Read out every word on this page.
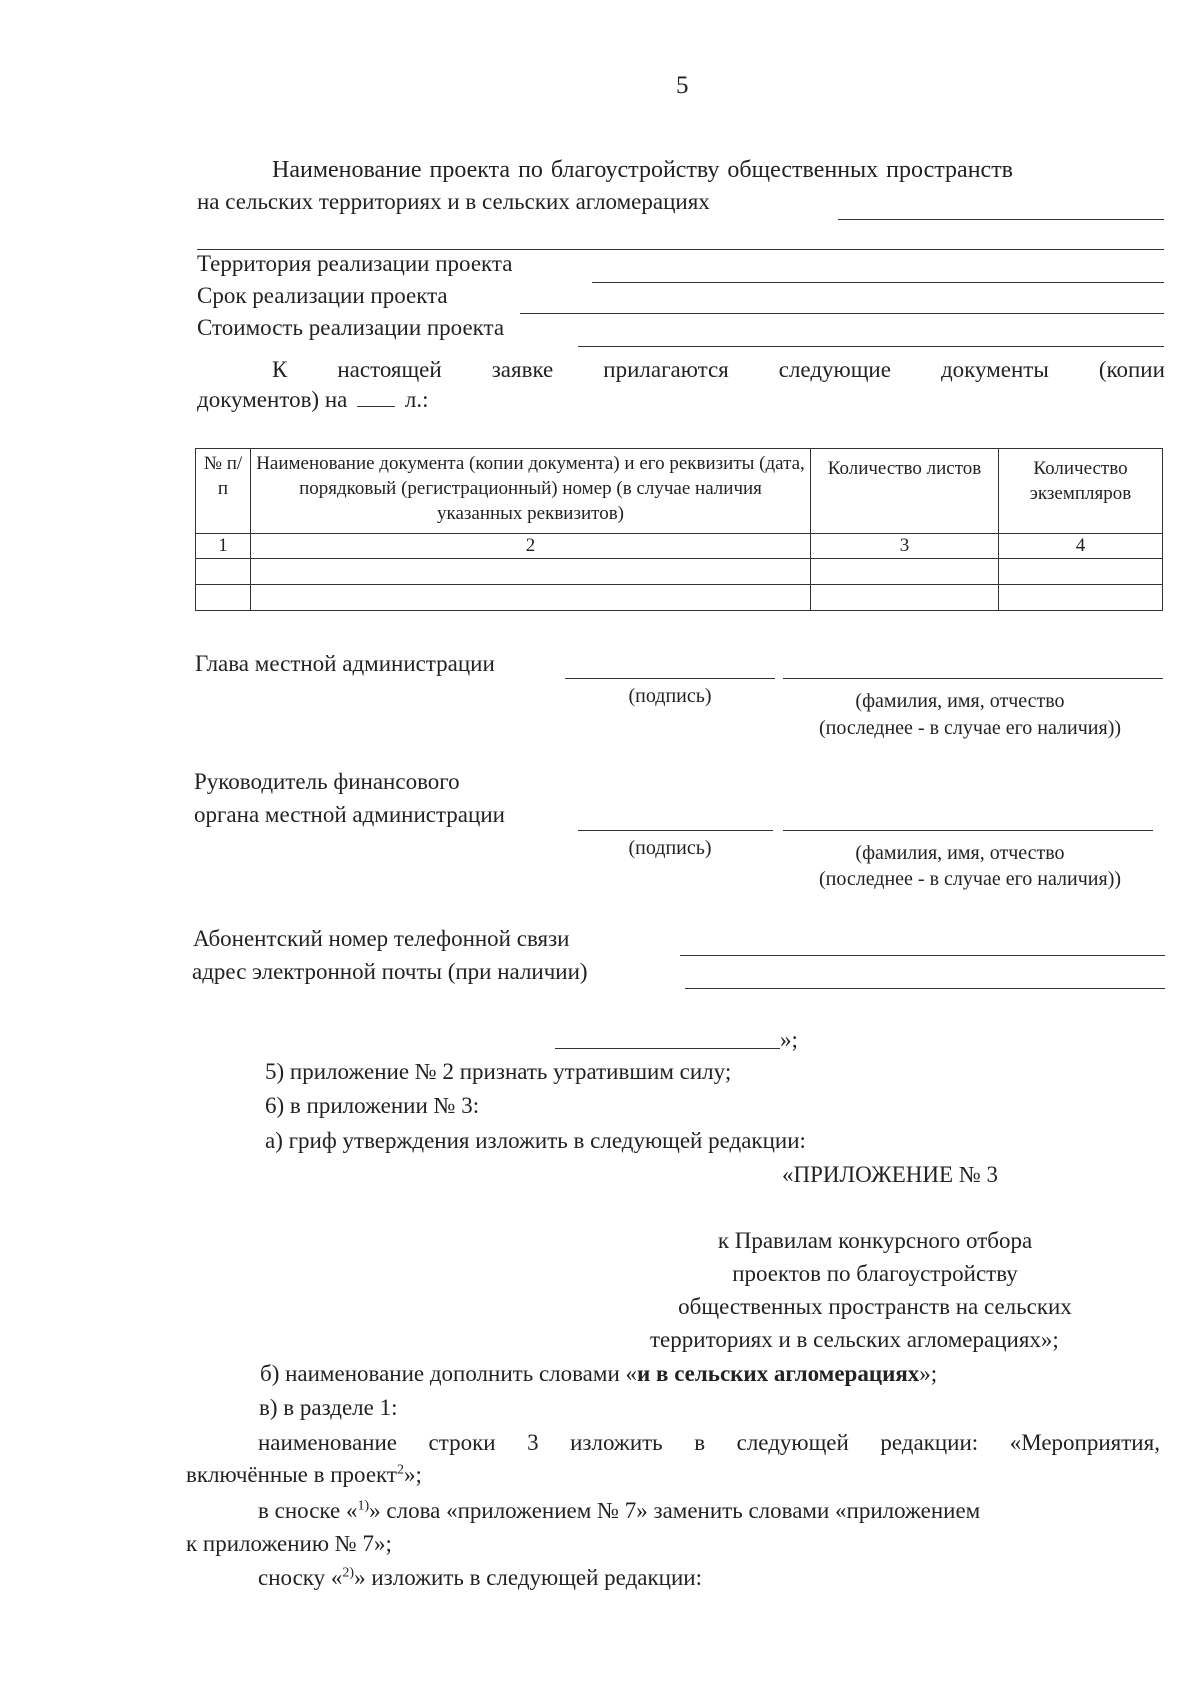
5
Наименование проекта по благоустройству общественных пространств
на сельских территориях и в сельских агломерациях
Территория реализации проекта
Срок реализации проекта
Стоимость реализации проекта
К настоящей заявке прилагаются следующие документы (копии
документов) на	л.:
№ п/п	Наименование документа (копии документа) и его реквизиты (дата, порядковый (регистрационный) номер (в случае наличия указанных реквизитов)	Количество листов	Количество экземпляров
1	2	3	4

Глава местной администрации
(подпись)	(фамилия, имя, отчество
(последнее - в случае его наличия))
Руководитель финансового
органа местной администрации
(подпись)	(фамилия, имя, отчество
(последнее - в случае его наличия))
Абонентский номер телефонной связи
адрес электронной почты (при наличии)
»;
5) приложение № 2 признать утратившим силу;
6) в приложении № 3:
а) гриф утверждения изложить в следующей редакции:
«ПРИЛОЖЕНИЕ № 3
к Правилам конкурсного отбора
проектов по благоустройству
общественных пространств на сельских
территориях и в сельских агломерациях»;
б) наименование дополнить словами «и в сельских агломерациях»;
в) в разделе 1:
наименование строки 3 изложить в следующей редакции: «Мероприятия,
включённые в проект$^2$»;
в сноске «$^{1)}$» слова «приложением № 7» заменить словами «приложением
к приложению № 7»;
сноску «$^{2)}$» изложить в следующей редакции:
